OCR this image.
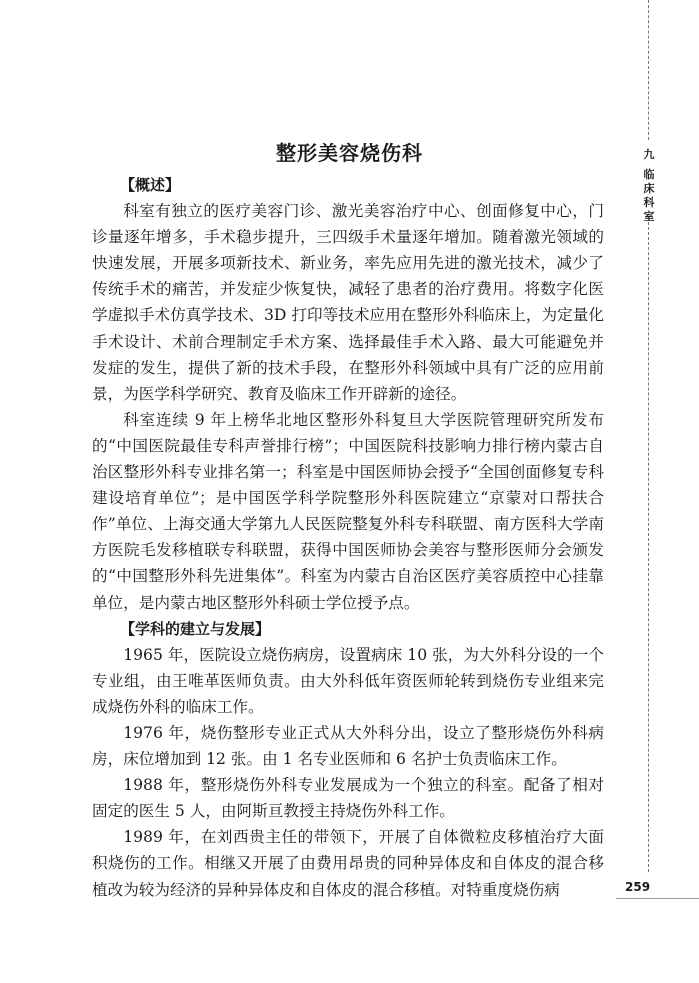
九
临床科室
整形美容烧伤科
【概述】

科室有独立的医疗美容门诊、激光美容治疗中心、创面修复中心，门诊量逐年增多，手术稳步提升，三四级手术量逐年增加。随着激光领域的快速发展，开展多项新技术、新业务，率先应用先进的激光技术，减少了传统手术的痛苦，并发症少恢复快，减轻了患者的治疗费用。将数字化医学虚拟手术仿真学技术、3D 打印等技术应用在整形外科临床上，为定量化手术设计、术前合理制定手术方案、选择最佳手术入路、最大可能避免并发症的发生，提供了新的技术手段，在整形外科领域中具有广泛的应用前景，为医学科学研究、教育及临床工作开辟新的途径。

科室连续 9 年上榜华北地区整形外科复旦大学医院管理研究所发布的“中国医院最佳专科声誉排行榜”；中国医院科技影响力排行榜内蒙古自治区整形外科专业排名第一；科室是中国医师协会授予“全国创面修复专科建设培育单位”；是中国医学科学院整形外科医院建立“京蒙对口帮扶合作”单位、上海交通大学第九人民医院整复外科专科联盟、南方医科大学南方医院毛发移植联专科联盟，获得中国医师协会美容与整形医师分会颁发的“中国整形外科先进集体”。科室为内蒙古自治区医疗美容质控中心挂靠单位，是内蒙古地区整形外科硕士学位授予点。

【学科的建立与发展】

1965 年，医院设立烧伤病房，设置病床 10 张，为大外科分设的一个专业组，由王唯革医师负责。由大外科低年资医师轮转到烧伤专业组来完成烧伤外科的临床工作。

1976 年，烧伤整形专业正式从大外科分出，设立了整形烧伤外科病房，床位增加到 12 张。由 1 名专业医师和 6 名护士负责临床工作。

1988 年，整形烧伤外科专业发展成为一个独立的科室。配备了相对固定的医生 5 人，由阿斯亘教授主持烧伤外科工作。

1989 年，在刘西贵主任的带领下，开展了自体微粒皮移植治疗大面积烧伤的工作。相继又开展了由费用昂贵的同种异体皮和自体皮的混合移植改为较为经济的异种异体皮和自体皮的混合移植。对特重度烧伤病	259
